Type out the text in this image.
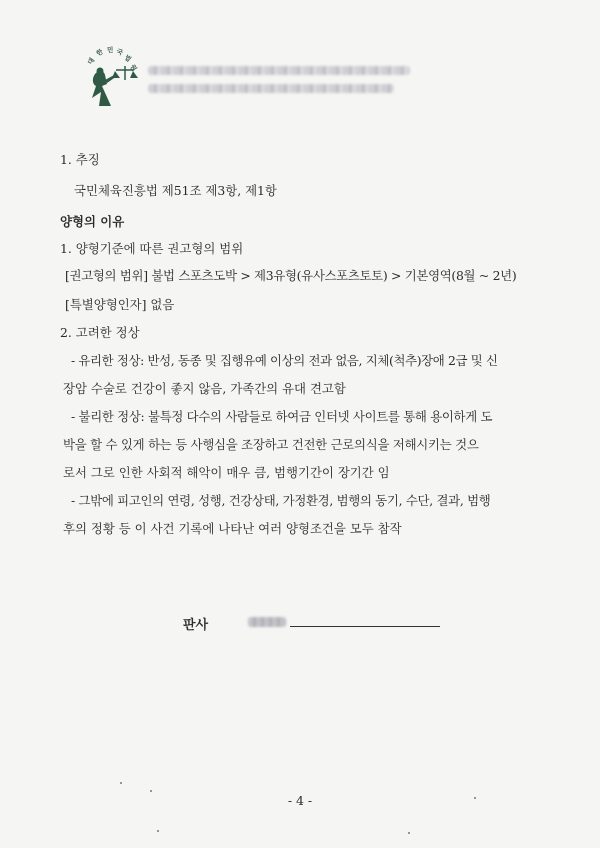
대
한 민 국
법
원
1. 추징
국민체육진흥법 제51조 제3항, 제1항
양형의 이유
1. 양형기준에 따른 권고형의 범위
[권고형의 범위] 불법 스포츠도박 > 제3유형(유사스포츠토토) > 기본영역(8월 ~ 2년)
[특별양형인자] 없음
2. 고려한 정상
- 유리한 정상: 반성, 동종 및 집행유예 이상의 전과 없음, 지체(척추)장애 2급 및 신
장암 수술로 건강이 좋지 않음, 가족간의 유대 견고함
- 불리한 정상: 불특정 다수의 사람들로 하여금 인터넷 사이트를 통해 용이하게 도
박을 할 수 있게 하는 등 사행심을 조장하고 건전한 근로의식을 저해시키는 것으
로서 그로 인한 사회적 해악이 매우 큼, 범행기간이 장기간 임
- 그밖에 피고인의 연령, 성행, 건강상태, 가정환경, 범행의 동기, 수단, 결과, 범행
후의 정황 등 이 사건 기록에 나타난 여러 양형조건을 모두 참작
판사
- 4 -
